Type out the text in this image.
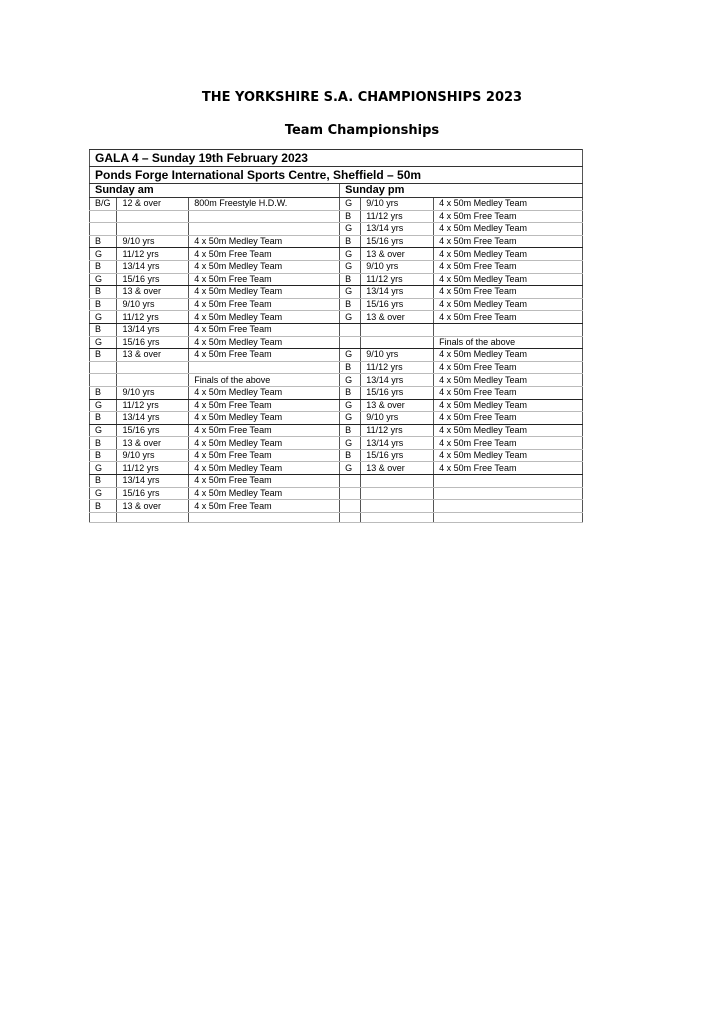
THE YORKSHIRE S.A. CHAMPIONSHIPS 2023
Team Championships
GALA 4 – Sunday 19th February 2023					
Ponds Forge International Sports Centre, Sheffield – 50m					
Sunday am			Sunday pm		
B/G	12 & over	800m Freestyle H.D.W.	G	9/10 yrs	4 x 50m Medley Team
			B	11/12 yrs	4 x 50m Free Team
			G	13/14 yrs	4 x 50m Medley Team
B	9/10 yrs	4 x 50m Medley Team	B	15/16 yrs	4 x 50m Free Team
G	11/12 yrs	4 x 50m Free Team	G	13 & over	4 x 50m Medley Team
B	13/14 yrs	4 x 50m Medley Team	G	9/10 yrs	4 x 50m Free Team
G	15/16 yrs	4 x 50m Free Team	B	11/12 yrs	4 x 50m Medley Team
B	13 & over	4 x 50m Medley Team	G	13/14 yrs	4 x 50m Free Team
B	9/10 yrs	4 x 50m Free Team	B	15/16 yrs	4 x 50m Medley Team
G	11/12 yrs	4 x 50m Medley Team	G	13 & over	4 x 50m Free Team
B	13/14 yrs	4 x 50m Free Team			
G	15/16 yrs	4 x 50m Medley Team			Finals of the above
B	13 & over	4 x 50m Free Team	G	9/10 yrs	4 x 50m Medley Team
			B	11/12 yrs	4 x 50m Free Team
		Finals of the above	G	13/14 yrs	4 x 50m Medley Team
B	9/10 yrs	4 x 50m Medley Team	B	15/16 yrs	4 x 50m Free Team
G	11/12 yrs	4 x 50m Free Team	G	13 & over	4 x 50m Medley Team
B	13/14 yrs	4 x 50m Medley Team	G	9/10 yrs	4 x 50m Free Team
G	15/16 yrs	4 x 50m Free Team	B	11/12 yrs	4 x 50m Medley Team
B	13 & over	4 x 50m Medley Team	G	13/14 yrs	4 x 50m Free Team
B	9/10 yrs	4 x 50m Free Team	B	15/16 yrs	4 x 50m Medley Team
G	11/12 yrs	4 x 50m Medley Team	G	13 & over	4 x 50m Free Team
B	13/14 yrs	4 x 50m Free Team			
G	15/16 yrs	4 x 50m Medley Team			
B	13 & over	4 x 50m Free Team			
